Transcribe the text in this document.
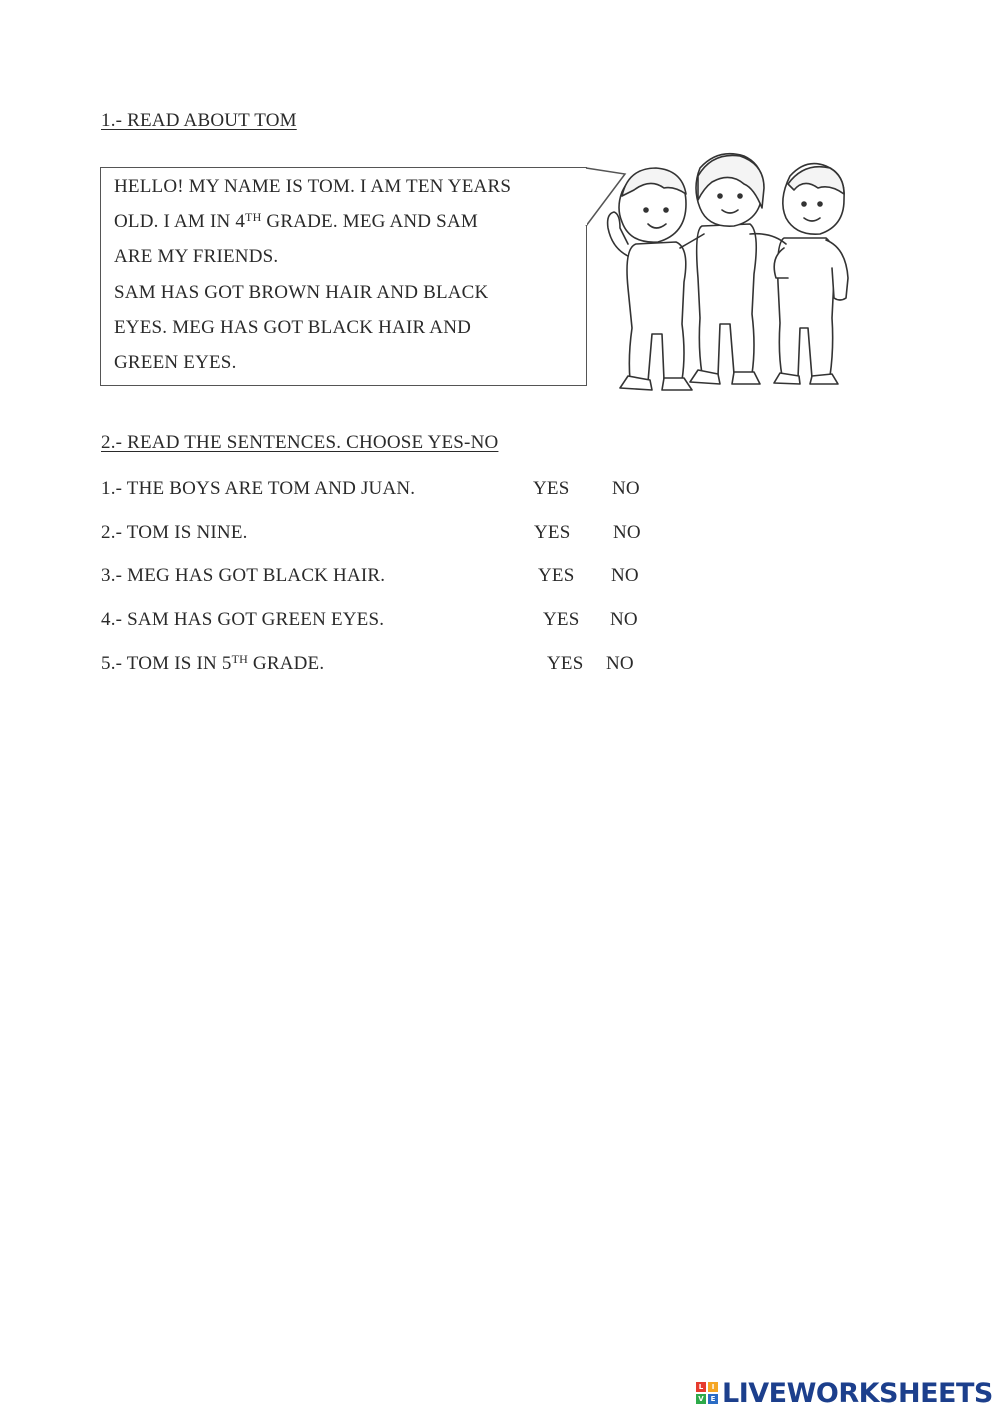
1.- READ ABOUT TOM
HELLO! MY NAME IS TOM. I AM TEN YEARS
OLD. I AM IN 4TH GRADE. MEG AND SAM
ARE MY FRIENDS.
SAM HAS GOT BROWN HAIR AND BLACK
EYES. MEG HAS GOT BLACK HAIR AND
GREEN EYES.
2.- READ THE SENTENCES. CHOOSE YES-NO
1.- THE BOYS ARE TOM AND JUAN.	YES NO
2.- TOM IS NINE.	YES NO
3.- MEG HAS GOT BLACK HAIR.	YES NO
4.- SAM HAS GOT GREEN EYES.	YES NO
5.- TOM IS IN 5TH GRADE.	YES NO
L	I
V E LIVEWORKSHEETS
